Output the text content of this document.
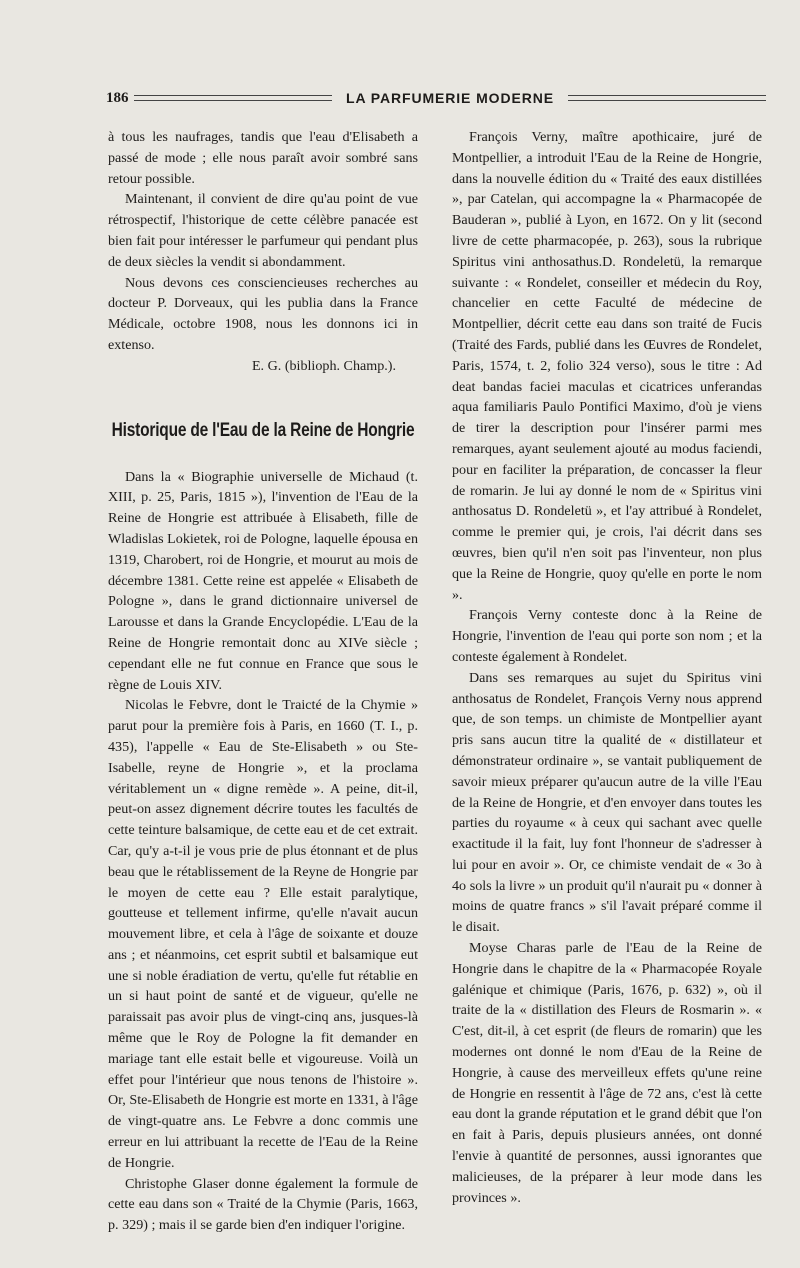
186	LA PARFUMERIE MODERNE

à tous les naufrages, tandis que l'eau d'Elisabeth a passé de mode ; elle nous paraît avoir sombré sans retour possible.

Maintenant, il convient de dire qu'au point de vue rétrospectif, l'historique de cette célèbre panacée est bien fait pour intéresser le parfumeur qui pendant plus de deux siècles la vendit si abondamment.

Nous devons ces consciencieuses recherches au docteur P. Dorveaux, qui les publia dans la France Médicale, octobre 1908, nous les donnons ici in extenso.

E. G. (biblioph. Champ.).

Historique de l'Eau de la Reine de Hongrie

Dans la « Biographie universelle de Michaud (t. XIII, p. 25, Paris, 1815 »), l'invention de l'Eau de la Reine de Hongrie est attribuée à Elisabeth, fille de Wladislas Lokietek, roi de Pologne, laquelle épousa en 1319, Charobert, roi de Hongrie, et mourut au mois de décembre 1381. Cette reine est appelée « Elisabeth de Pologne », dans le grand dictionnaire universel de Larousse et dans la Grande Encyclopédie. L'Eau de la Reine de Hongrie remontait donc au XIVe siècle ; cependant elle ne fut connue en France que sous le règne de Louis XIV.

Nicolas le Febvre, dont le Traicté de la Chymie » parut pour la première fois à Paris, en 1660 (T. I., p. 435), l'appelle « Eau de Ste-Elisabeth » ou Ste-Isabelle, reyne de Hongrie », et la proclama véritablement un « digne remède ». A peine, dit-il, peut-on assez dignement décrire toutes les facultés de cette teinture balsamique, de cette eau et de cet extrait. Car, qu'y a-t-il je vous prie de plus étonnant et de plus beau que le rétablissement de la Reyne de Hongrie par le moyen de cette eau ? Elle estait paralytique, goutteuse et tellement infirme, qu'elle n'avait aucun mouvement libre, et cela à l'âge de soixante et douze ans ; et néanmoins, cet esprit subtil et balsamique eut une si noble éradiation de vertu, qu'elle fut rétablie en un si haut point de santé et de vigueur, qu'elle ne paraissait pas avoir plus de vingt-cinq ans, jusques-là même que le Roy de Pologne la fit demander en mariage tant elle estait belle et vigoureuse. Voilà un effet pour l'intérieur que nous tenons de l'histoire ». Or, Ste-Elisabeth de Hongrie est morte en 1331, à l'âge de vingt-quatre ans. Le Febvre a donc commis une erreur en lui attribuant la recette de l'Eau de la Reine de Hongrie.

Christophe Glaser donne également la formule de cette eau dans son « Traité de la Chymie (Paris, 1663, p. 329) ; mais il se garde bien d'en indiquer l'origine.

François Verny, maître apothicaire, juré de Montpellier, a introduit l'Eau de la Reine de Hongrie, dans la nouvelle édition du « Traité des eaux distillées », par Catelan, qui accompagne la « Pharmacopée de Bauderan », publié à Lyon, en 1672. On y lit (second livre de cette pharmacopée, p. 263), sous la rubrique Spiritus vini anthosathus.D. Rondeletü, la remarque suivante : « Rondelet, conseiller et médecin du Roy, chancelier en cette Faculté de médecine de Montpellier, décrit cette eau dans son traité de Fucis (Traité des Fards, publié dans les Œuvres de Rondelet, Paris, 1574, t. 2, folio 324 verso), sous le titre : Ad deat bandas faciei maculas et cicatrices unferandas aqua familiaris Paulo Pontifici Maximo, d'où je viens de tirer la description pour l'insérer parmi mes remarques, ayant seulement ajouté au modus faciendi, pour en faciliter la préparation, de concasser la fleur de romarin. Je lui ay donné le nom de « Spiritus vini anthosatus D. Rondeletü », et l'ay attribué à Rondelet, comme le premier qui, je crois, l'ai décrit dans ses œuvres, bien qu'il n'en soit pas l'inventeur, non plus que la Reine de Hongrie, quoy qu'elle en porte le nom ».

François Verny conteste donc à la Reine de Hongrie, l'invention de l'eau qui porte son nom ; et la conteste également à Rondelet.

Dans ses remarques au sujet du Spiritus vini anthosatus de Rondelet, François Verny nous apprend que, de son temps. un chimiste de Montpellier ayant pris sans aucun titre la qualité de « distillateur et démonstrateur ordinaire », se vantait publiquement de savoir mieux préparer qu'aucun autre de la ville l'Eau de la Reine de Hongrie, et d'en envoyer dans toutes les parties du royaume « à ceux qui sachant avec quelle exactitude il la fait, luy font l'honneur de s'adresser à lui pour en avoir ». Or, ce chimiste vendait de « 3o à 4o sols la livre » un produit qu'il n'aurait pu « donner à moins de quatre francs » s'il l'avait préparé comme il le disait.

Moyse Charas parle de l'Eau de la Reine de Hongrie dans le chapitre de la « Pharmacopée Royale galénique et chimique (Paris, 1676, p. 632) », où il traite de la « distillation des Fleurs de Rosmarin ». « C'est, dit-il, à cet esprit (de fleurs de romarin) que les modernes ont donné le nom d'Eau de la Reine de Hongrie, à cause des merveilleux effets qu'une reine de Hongrie en ressentit à l'âge de 72 ans, c'est là cette eau dont la grande réputation et le grand débit que l'on en fait à Paris, depuis plusieurs années, ont donné l'envie à quantité de personnes, aussi ignorantes que malicieuses, de la préparer à leur mode dans les provinces ».
